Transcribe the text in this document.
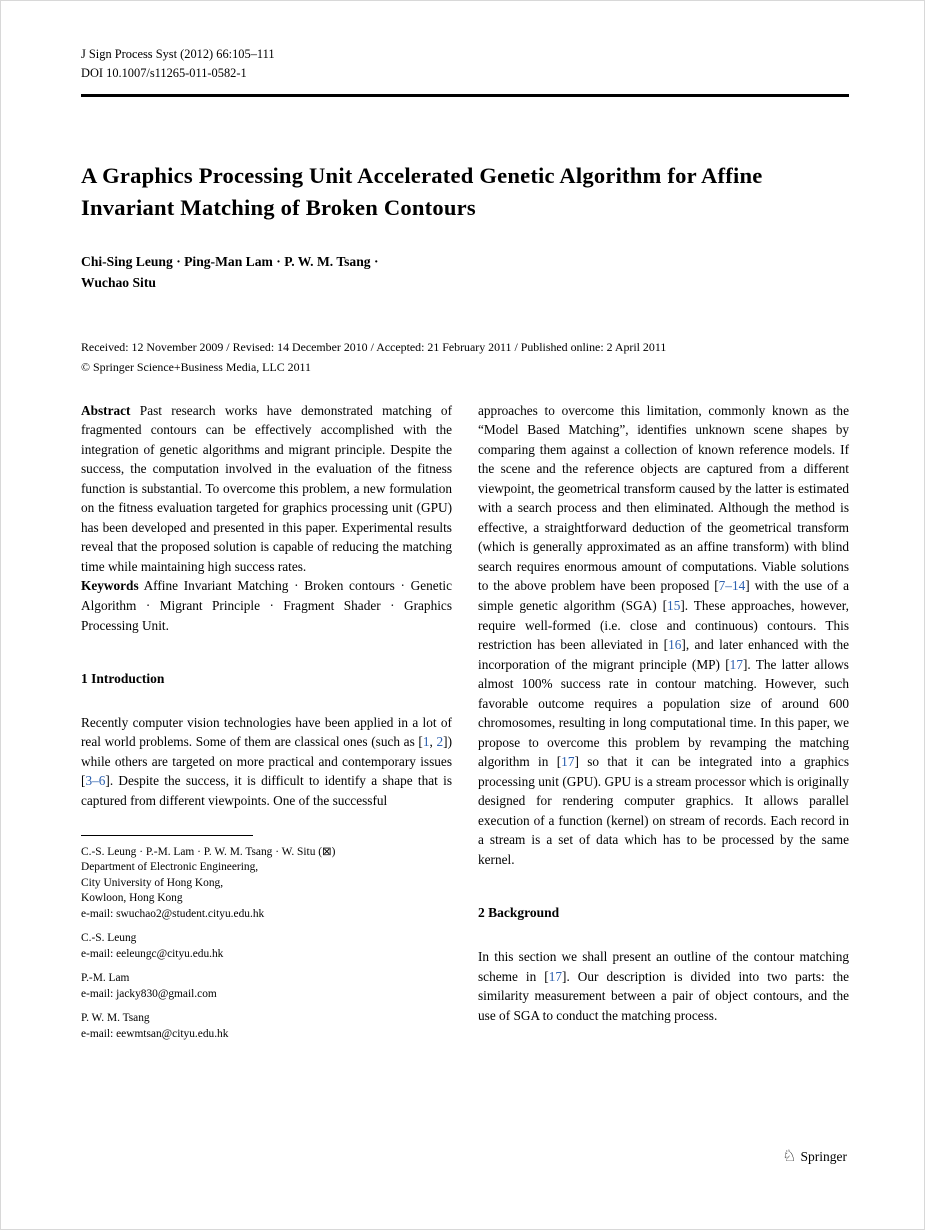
J Sign Process Syst (2012) 66:105–111
DOI 10.1007/s11265-011-0582-1
A Graphics Processing Unit Accelerated Genetic Algorithm for Affine Invariant Matching of Broken Contours
Chi-Sing Leung · Ping-Man Lam · P. W. M. Tsang ·
Wuchao Situ
Received: 12 November 2009 / Revised: 14 December 2010 / Accepted: 21 February 2011 / Published online: 2 April 2011
© Springer Science+Business Media, LLC 2011

Abstract Past research works have demonstrated matching of fragmented contours can be effectively accomplished with the integration of genetic algorithms and migrant principle. Despite the success, the computation involved in the evaluation of the fitness function is substantial. To overcome this problem, a new formulation on the fitness evaluation targeted for graphics processing unit (GPU) has been developed and presented in this paper. Experimental results reveal that the proposed solution is capable of reducing the matching time while maintaining high success rates.

Keywords Affine Invariant Matching · Broken contours · Genetic Algorithm · Migrant Principle · Fragment Shader · Graphics Processing Unit.

1 Introduction

Recently computer vision technologies have been applied in a lot of real world problems. Some of them are classical ones (such as [1, 2]) while others are targeted on more practical and contemporary issues [3–6]. Despite the success, it is difficult to identify a shape that is captured from different viewpoints. One of the successful

C.-S. Leung · P.-M. Lam · P. W. M. Tsang · W. Situ (⊠)
Department of Electronic Engineering,
City University of Hong Kong,
Kowloon, Hong Kong
e-mail: swuchao2@student.cityu.edu.hk
C.-S. Leung
e-mail: eeleungc@cityu.edu.hk
P.-M. Lam
e-mail: jacky830@gmail.com
P. W. M. Tsang
e-mail: eewmtsan@cityu.edu.hk

approaches to overcome this limitation, commonly known as the “Model Based Matching”, identifies unknown scene shapes by comparing them against a collection of known reference models. If the scene and the reference objects are captured from a different viewpoint, the geometrical transform caused by the latter is estimated with a search process and then eliminated. Although the method is effective, a straightforward deduction of the geometrical transform (which is generally approximated as an affine transform) with blind search requires enormous amount of computations. Viable solutions to the above problem have been proposed [7–14] with the use of a simple genetic algorithm (SGA) [15]. These approaches, however, require well-formed (i.e. close and continuous) contours. This restriction has been alleviated in [16], and later enhanced with the incorporation of the migrant principle (MP) [17]. The latter allows almost 100% success rate in contour matching. However, such favorable outcome requires a population size of around 600 chromosomes, resulting in long computational time. In this paper, we propose to overcome this problem by revamping the matching algorithm in [17] so that it can be integrated into a graphics processing unit (GPU). GPU is a stream processor which is originally designed for rendering computer graphics. It allows parallel execution of a function (kernel) on stream of records. Each record in a stream is a set of data which has to be processed by the same kernel.

2 Background

In this section we shall present an outline of the contour matching scheme in [17]. Our description is divided into two parts: the similarity measurement between a pair of object contours, and the use of SGA to conduct the matching process.

♘ Springer
